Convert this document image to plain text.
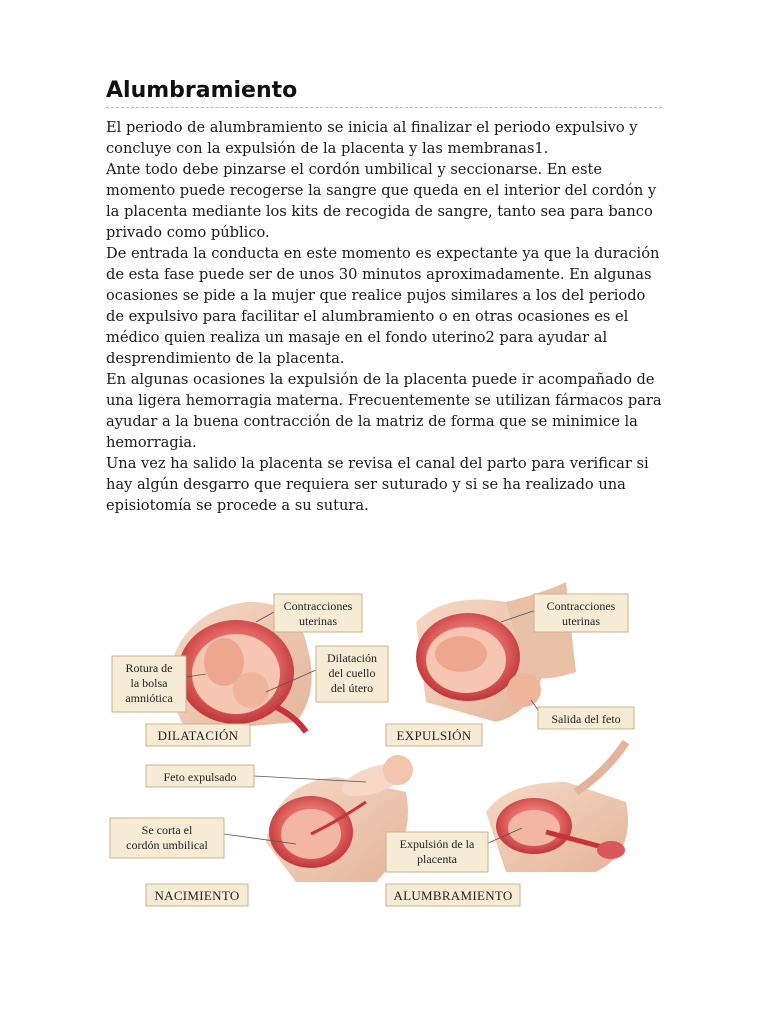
Alumbramiento

El periodo de alumbramiento se inicia al finalizar el periodo expulsivo y concluye con la expulsión de la placenta y las membranas1.

Ante todo debe pinzarse el cordón umbilical y seccionarse. En este momento puede recogerse la sangre que queda en el interior del cordón y la placenta mediante los kits de recogida de sangre, tanto sea para banco privado como público.

De entrada la conducta en este momento es expectante ya que la duración de esta fase puede ser de unos 30 minutos aproximadamente. En algunas ocasiones se pide a la mujer que realice pujos similares a los del periodo de expulsivo para facilitar el alumbramiento o en otras ocasiones es el médico quien realiza un masaje en el fondo uterino2 para ayudar al desprendimiento de la placenta.

En algunas ocasiones la expulsión de la placenta puede ir acompañado de una ligera hemorragia materna. Frecuentemente se utilizan fármacos para ayudar a la buena contracción de la matriz de forma que se minimice la hemorragia.

Una vez ha salido la placenta se revisa el canal del parto para verificar si hay algún desgarro que requiera ser suturado y si se ha realizado una episiotomía se procede a su sutura.

Contracciones
uterinas
Rotura de
la bolsa
amniótica
Dilatación
del cuello
del útero
DILATACIÓN
Contracciones
uterinas
Salida del feto
EXPULSIÓN
Feto expulsado
Se corta el
cordón umbilical
NACIMIENTO
Expulsión de la
placenta
ALUMBRAMIENTO
